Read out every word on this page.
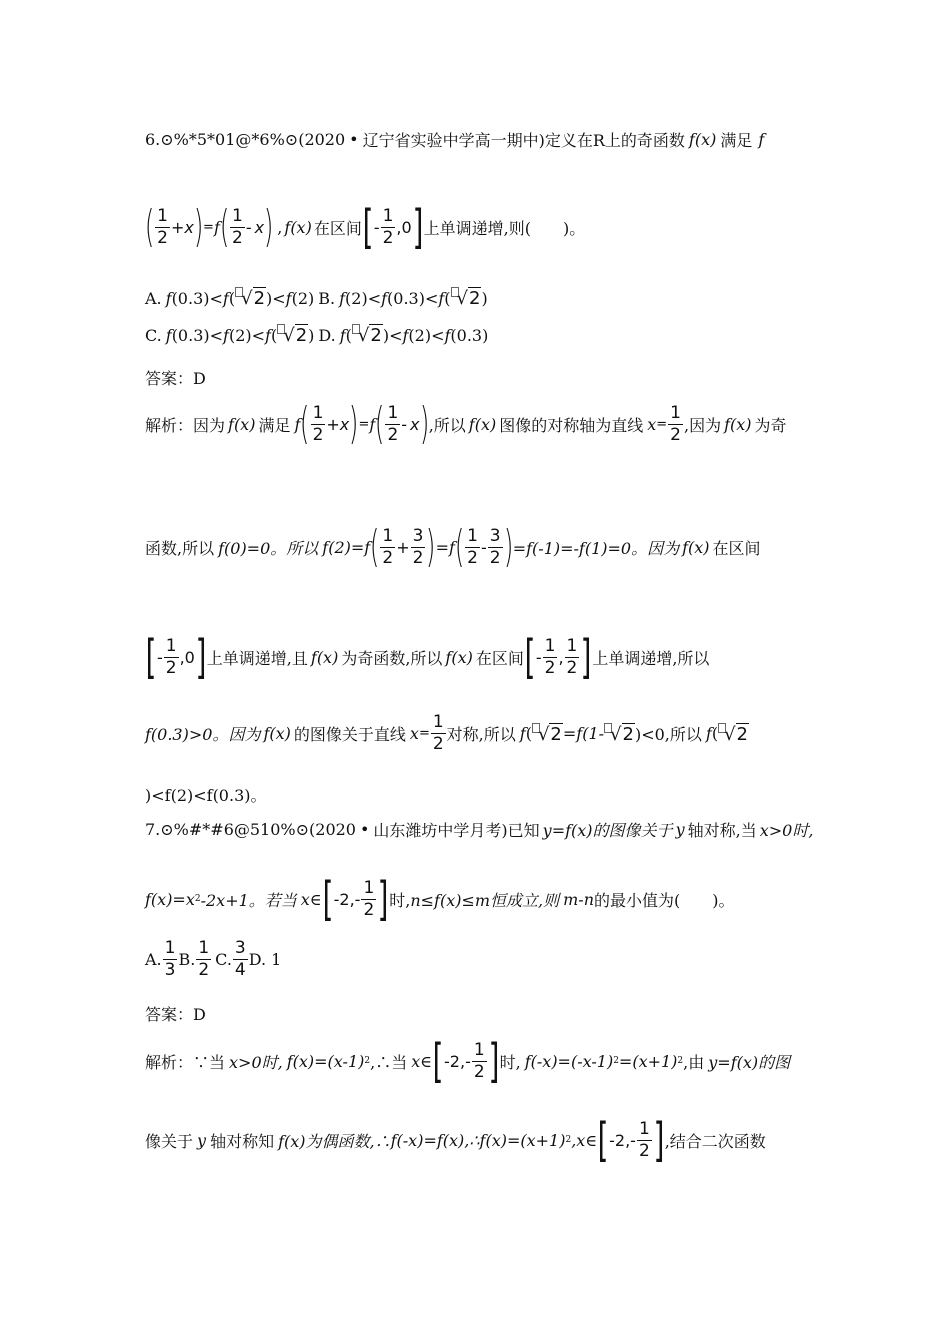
6.⊙%*5*01@*6%⊙(2020 • 辽宁省实验中学高一期中)定义在R上的奇函数 f(x) 满足 f
( $\frac{1}{2} + x$ ) = f ( $\frac{1}{2}$ - x ) , f(x) 在区间 [ - $\frac{1}{2}$ , 0 ] 上单调递增,则(　　)。
A. f (0.3)< f ( √ 2 )< f (2) B. f (2)< f (0.3)< f ( √ 2 )
C. f (0.3)< f (2)< f ( √ 2 ) D. f ( √ 2 )< f (2)< f (0.3)
答案：D
解析：因为 f(x) 满足 f ( $\frac{1}{2} + x$ ) = f ( $\frac{1}{2}$ - x ) ,所以 f(x) 图像的对称轴为直线 $x = \frac{1}{2}$ ,因为 f(x) 为奇
函数,所以 f(0)=0。所以 f(2)=f ( $\frac{1}{2} + \frac{3}{2}$ ) =f ( $\frac{1}{2} - \frac{3}{2}$ ) =f(-1)=-f(1)=0。因为 f(x) 在区间
[ - $\frac{1}{2}$ , 0 ] 上单调递增,且 f(x) 为奇函数,所以 f(x) 在区间 [ - $\frac{1}{2}$ , $\frac{1}{2}$ ] 上单调递增,所以
f(0.3)>0。因为 f(x) 的图像关于直线 $x = \frac{1}{2}$ 对称,所以 f ( √ 2 =f(1- √ 2 )<0,所以 f ( √ 2
)<f(2)<f(0.3)。
7.⊙%#*#6@510%⊙(2020 • 山东潍坊中学月考)已知 y=f(x)的图像关于 y 轴对称,当 x>0时,
f(x)=x 2 -2x+1。若当 x∈ [ $-2,- \frac{1}{2}$ ] 时, n≤f(x)≤m恒成立,则 m-n 的最小值为(　　)。
A. $\frac{1}{3} B$. $\frac{1}{2} C$. $\frac{3}{4} D$. 1
答案：D
解析：∵当 x>0时, f(x)=(x-1) 2 ,∴当 x∈ [ $-2,- \frac{1}{2}$ ] 时, f(-x)=(-x-1) 2 =(x+1) 2 ,由 y=f(x)的图
像关于 y 轴对称知 f(x)为偶函数,∴ f(-x)=f(x),∴ f(x)=(x+1) 2 ,x∈ [ $-2,- \frac{1}{2}$ ] ,结合二次函数
